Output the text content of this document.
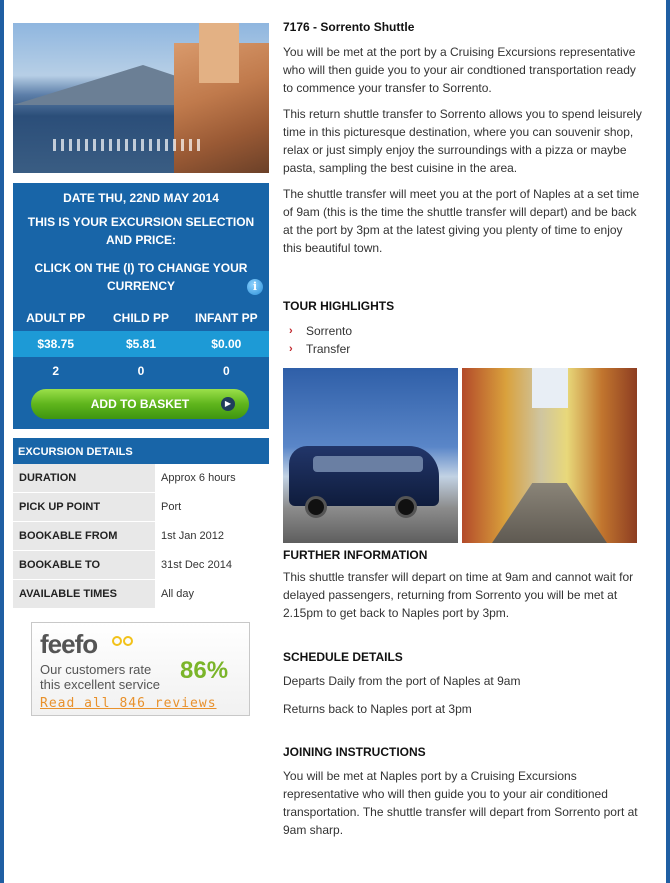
DATE THU, 22ND MAY 2014
THIS IS YOUR EXCURSION SELECTION AND PRICE:
CLICK ON THE (I) TO CHANGE YOUR CURRENCY	i
ADULT PP	CHILD PP	INFANT PP
$38.75	$5.81	$0.00
2	0	0
ADD TO BASKET	▶
EXCURSION DETAILS
DURATION	Approx 6 hours
PICK UP POINT	Port
BOOKABLE FROM	1st Jan 2012
BOOKABLE TO	31st Dec 2014
AVAILABLE TIMES	All day
feefo
Our customers rate this excellent service
86%
Read all 846 reviews
7176 - Sorrento Shuttle

You will be met at the port by a Cruising Excursions representative who will then guide you to your air condtioned transportation ready to commence your transfer to Sorrento.

This return shuttle transfer to Sorrento allows you to spend leisurely time in this picturesque destination, where you can souvenir shop, relax or just simply enjoy the surroundings with a pizza or maybe pasta, sampling the best cuisine in the area.

The shuttle transfer will meet you at the port of Naples at a set time of 9am (this is the time the shuttle transfer will depart) and be back at the port by 3pm at the latest giving you plenty of time to enjoy this beautiful town.

TOUR HIGHLIGHTS
› Sorrento
› Transfer
FURTHER INFORMATION

This shuttle transfer will depart on time at 9am and cannot wait for delayed passengers, returning from Sorrento you will be met at 2.15pm to get back to Naples port by 3pm.

SCHEDULE DETAILS

Departs Daily from the port of Naples at 9am

Returns back to Naples port at 3pm

JOINING INSTRUCTIONS

You will be met at Naples port by a Cruising Excursions representative who will then guide you to your air conditioned transportation. The shuttle transfer will depart from Sorrento port at 9am sharp.
